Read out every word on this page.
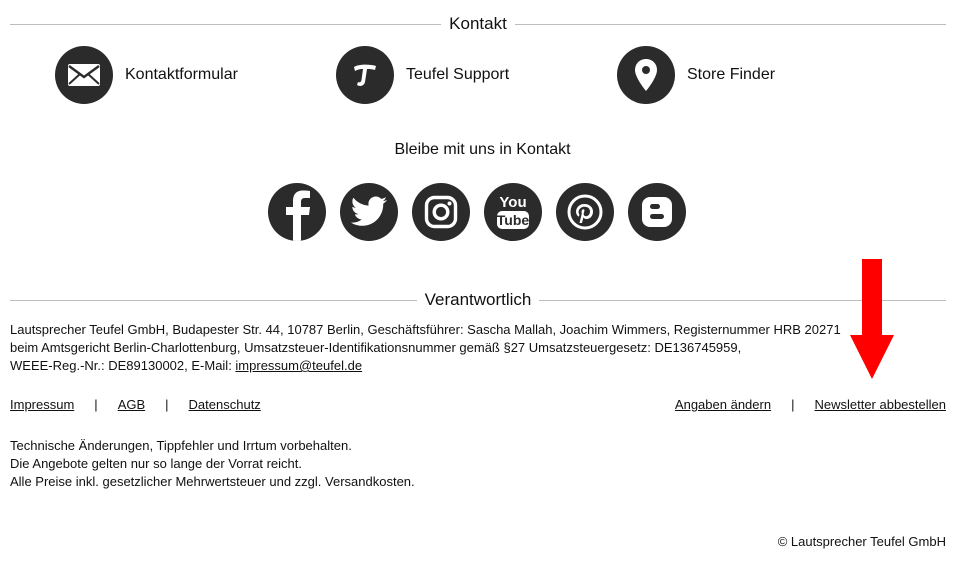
Kontakt
Kontaktformular	Teufel Support	Store Finder
Bleibe mit uns in Kontakt
You
Tube
Verantwortlich
Lautsprecher Teufel GmbH, Budapester Str. 44, 10787 Berlin, Geschäftsführer: Sascha Mallah, Joachim Wimmers, Registernummer HRB 20271
beim Amtsgericht Berlin-Charlottenburg, Umsatzsteuer-Identifikationsnummer gemäß §27 Umsatzsteuergesetz: DE136745959,
WEEE-Reg.-Nr.: DE89130002, E-Mail: impressum@teufel.de
Impressum | AGB | Datenschutz	Angaben ändern | Newsletter abbestellen
Technische Änderungen, Tippfehler und Irrtum vorbehalten.
Die Angebote gelten nur so lange der Vorrat reicht.
Alle Preise inkl. gesetzlicher Mehrwertsteuer und zzgl. Versandkosten.
© Lautsprecher Teufel GmbH
